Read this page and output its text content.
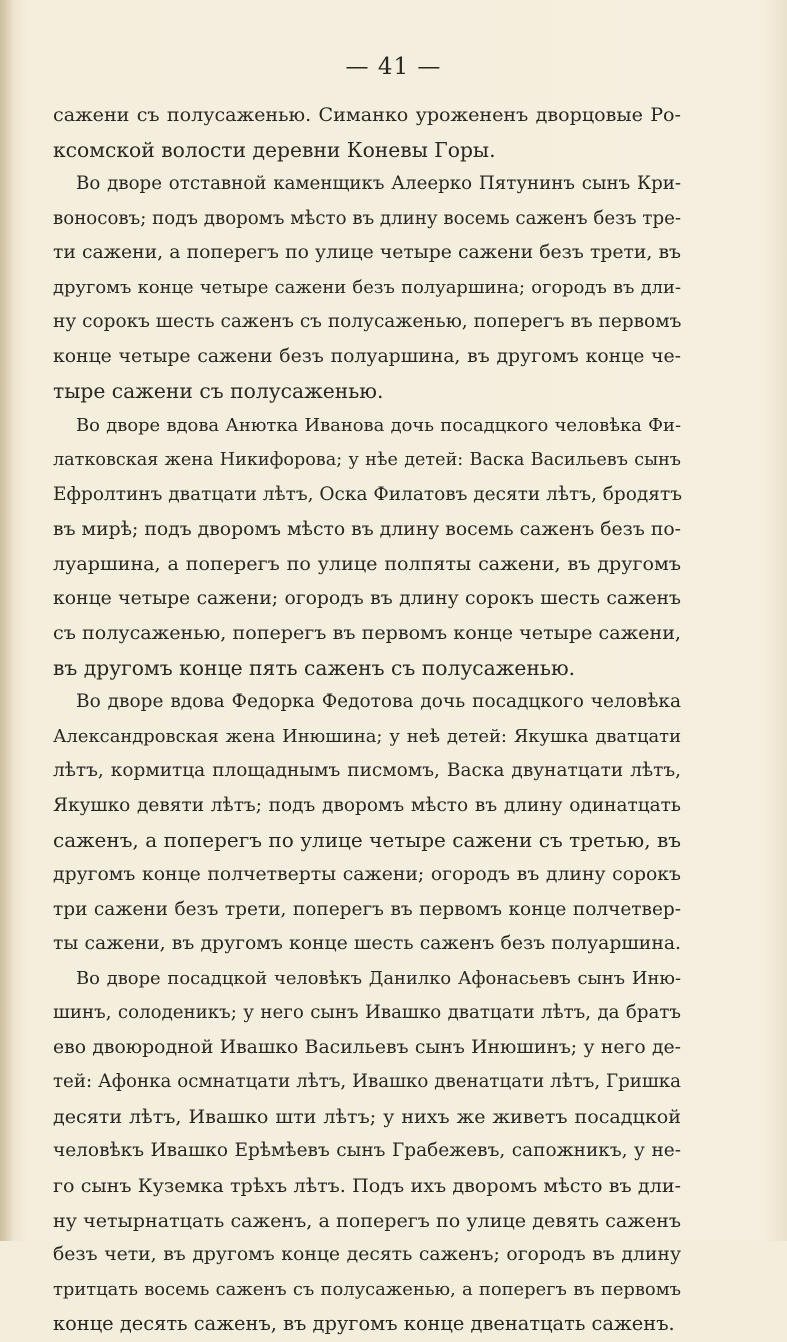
— 41 —
сажени съ полусаженью. Симанко урожененъ дворцовые Ро-
ксомской волости деревни Коневы Горы.
Во дворе отставной каменщикъ Алеерко Пятунинъ сынъ Кри-
воносовъ; подъ дворомъ мѣсто въ длину восемь саженъ безъ тре-
ти сажени, а поперегъ по улице четыре сажени безъ трети, въ
другомъ конце четыре сажени безъ полуаршина; огородъ въ дли-
ну сорокъ шесть саженъ съ полусаженью, поперегъ въ первомъ
конце четыре сажени безъ полуаршина, въ другомъ конце че-
тыре сажени съ полусаженью.
Во дворе вдова Анютка Иванова дочь посадцкого человѣка Фи-
латковская жена Никифорова; у нѣе детей: Васка Васильевъ сынъ
Ефролтинъ дватцати лѣтъ, Оска Филатовъ десяти лѣтъ, бродятъ
въ мирѣ; подъ дворомъ мѣсто въ длину восемь саженъ безъ по-
луаршина, а поперегъ по улице полпяты сажени, въ другомъ
конце четыре сажени; огородъ въ длину сорокъ шесть саженъ
съ полусаженью, поперегъ въ первомъ конце четыре сажени,
въ другомъ конце пять саженъ съ полусаженью.
Во дворе вдова Федорка Федотова дочь посадцкого человѣка
Александровская жена Инюшина; у неѣ детей: Якушка дватцати
лѣтъ, кормитца площаднымъ писмомъ, Васка двунатцати лѣтъ,
Якушко девяти лѣтъ; подъ дворомъ мѣсто въ длину одинатцать
саженъ, а поперегъ по улице четыре сажени съ третью, въ
другомъ конце полчетверты сажени; огородъ въ длину сорокъ
три сажени безъ трети, поперегъ въ первомъ конце полчетвер-
ты сажени, въ другомъ конце шесть саженъ безъ полуаршина.
Во дворе посадцкой человѣкъ Данилко Афонасьевъ сынъ Иню-
шинъ, солоденикъ; у него сынъ Ивашко дватцати лѣтъ, да братъ
ево двоюродной Ивашко Васильевъ сынъ Инюшинъ; у него де-
тей: Афонка осмнатцати лѣтъ, Ивашко двенатцати лѣтъ, Гришка
десяти лѣтъ, Ивашко шти лѣтъ; у нихъ же живетъ посадцкой
человѣкъ Ивашко Ерѣмѣевъ сынъ Грабежевъ, сапожникъ, у не-
го сынъ Куземка трѣхъ лѣтъ. Подъ ихъ дворомъ мѣсто въ дли-
ну четырнатцать саженъ, а поперегъ по улице девять саженъ
безъ чети, въ другомъ конце десять саженъ; огородъ въ длину
тритцать восемь саженъ съ полусаженью, а поперегъ въ первомъ
конце десять саженъ, въ другомъ конце двенатцать саженъ.
